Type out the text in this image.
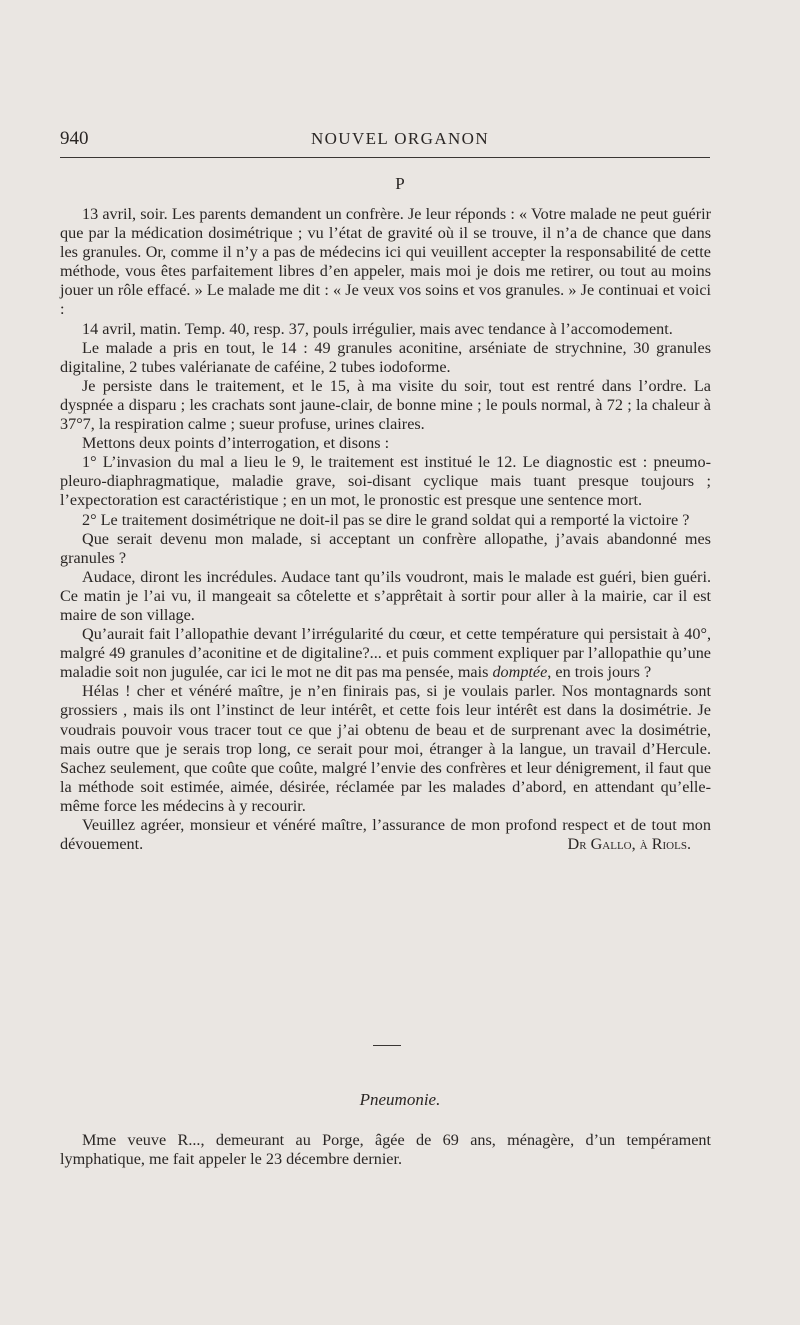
940	NOUVEL ORGANON
P

13 avril, soir. Les parents demandent un confrère. Je leur réponds : « Votre malade ne peut guérir que par la médication dosimétrique ; vu l’état de gravité où il se trouve, il n’a de chance que dans les granules. Or, comme il n’y a pas de médecins ici qui veuillent accepter la responsabilité de cette méthode, vous êtes parfaitement libres d’en appeler, mais moi je dois me retirer, ou tout au moins jouer un rôle effacé. » Le malade me dit : « Je veux vos soins et vos granules. » Je continuai et voici :

14 avril, matin. Temp. 40, resp. 37, pouls irrégulier, mais avec tendance à l’accomodement.

Le malade a pris en tout, le 14 : 49 granules aconitine, arséniate de strychnine, 30 granules digitaline, 2 tubes valérianate de caféine, 2 tubes iodoforme.

Je persiste dans le traitement, et le 15, à ma visite du soir, tout est rentré dans l’ordre. La dyspnée a disparu ; les crachats sont jaune-clair, de bonne mine ; le pouls normal, à 72 ; la chaleur à 37°7, la respiration calme ; sueur profuse, urines claires.

Mettons deux points d’interrogation, et disons :

1° L’invasion du mal a lieu le 9, le traitement est institué le 12. Le diagnostic est : pneumo-pleuro-diaphragmatique, maladie grave, soi-disant cyclique mais tuant presque toujours ; l’expectoration est caractéristique ; en un mot, le pronostic est presque une sentence mort.

2° Le traitement dosimétrique ne doit-il pas se dire le grand soldat qui a remporté la victoire ?

Que serait devenu mon malade, si acceptant un confrère allopathe, j’avais abandonné mes granules ?

Audace, diront les incrédules. Audace tant qu’ils voudront, mais le malade est guéri, bien guéri. Ce matin je l’ai vu, il mangeait sa côtelette et s’apprêtait à sortir pour aller à la mairie, car il est maire de son village.

Qu’aurait fait l’allopathie devant l’irrégularité du cœur, et cette température qui persistait à 40°, malgré 49 granules d’aconitine et de digitaline?... et puis comment expliquer par l’allopathie qu’une maladie soit non jugulée, car ici le mot ne dit pas ma pensée, mais domptée, en trois jours ?

Hélas ! cher et vénéré maître, je n’en finirais pas, si je voulais parler. Nos montagnards sont grossiers , mais ils ont l’instinct de leur intérêt, et cette fois leur intérêt est dans la dosimétrie. Je voudrais pouvoir vous tracer tout ce que j’ai obtenu de beau et de surprenant avec la dosimétrie, mais outre que je serais trop long, ce serait pour moi, étranger à la langue, un travail d’Hercule. Sachez seulement, que coûte que coûte, malgré l’envie des confrères et leur dénigrement, il faut que la méthode soit estimée, aimée, désirée, réclamée par les malades d’abord, en attendant qu’elle-même force les médecins à y recourir.

Veuillez agréer, monsieur et vénéré maître, l’assurance de mon profond respect et de tout mon dévouement.	Dr Gallo, à Riols.

Pneumonie.

Mme veuve R..., demeurant au Porge, âgée de 69 ans, ménagère, d’un tempérament lymphatique, me fait appeler le 23 décembre dernier.
